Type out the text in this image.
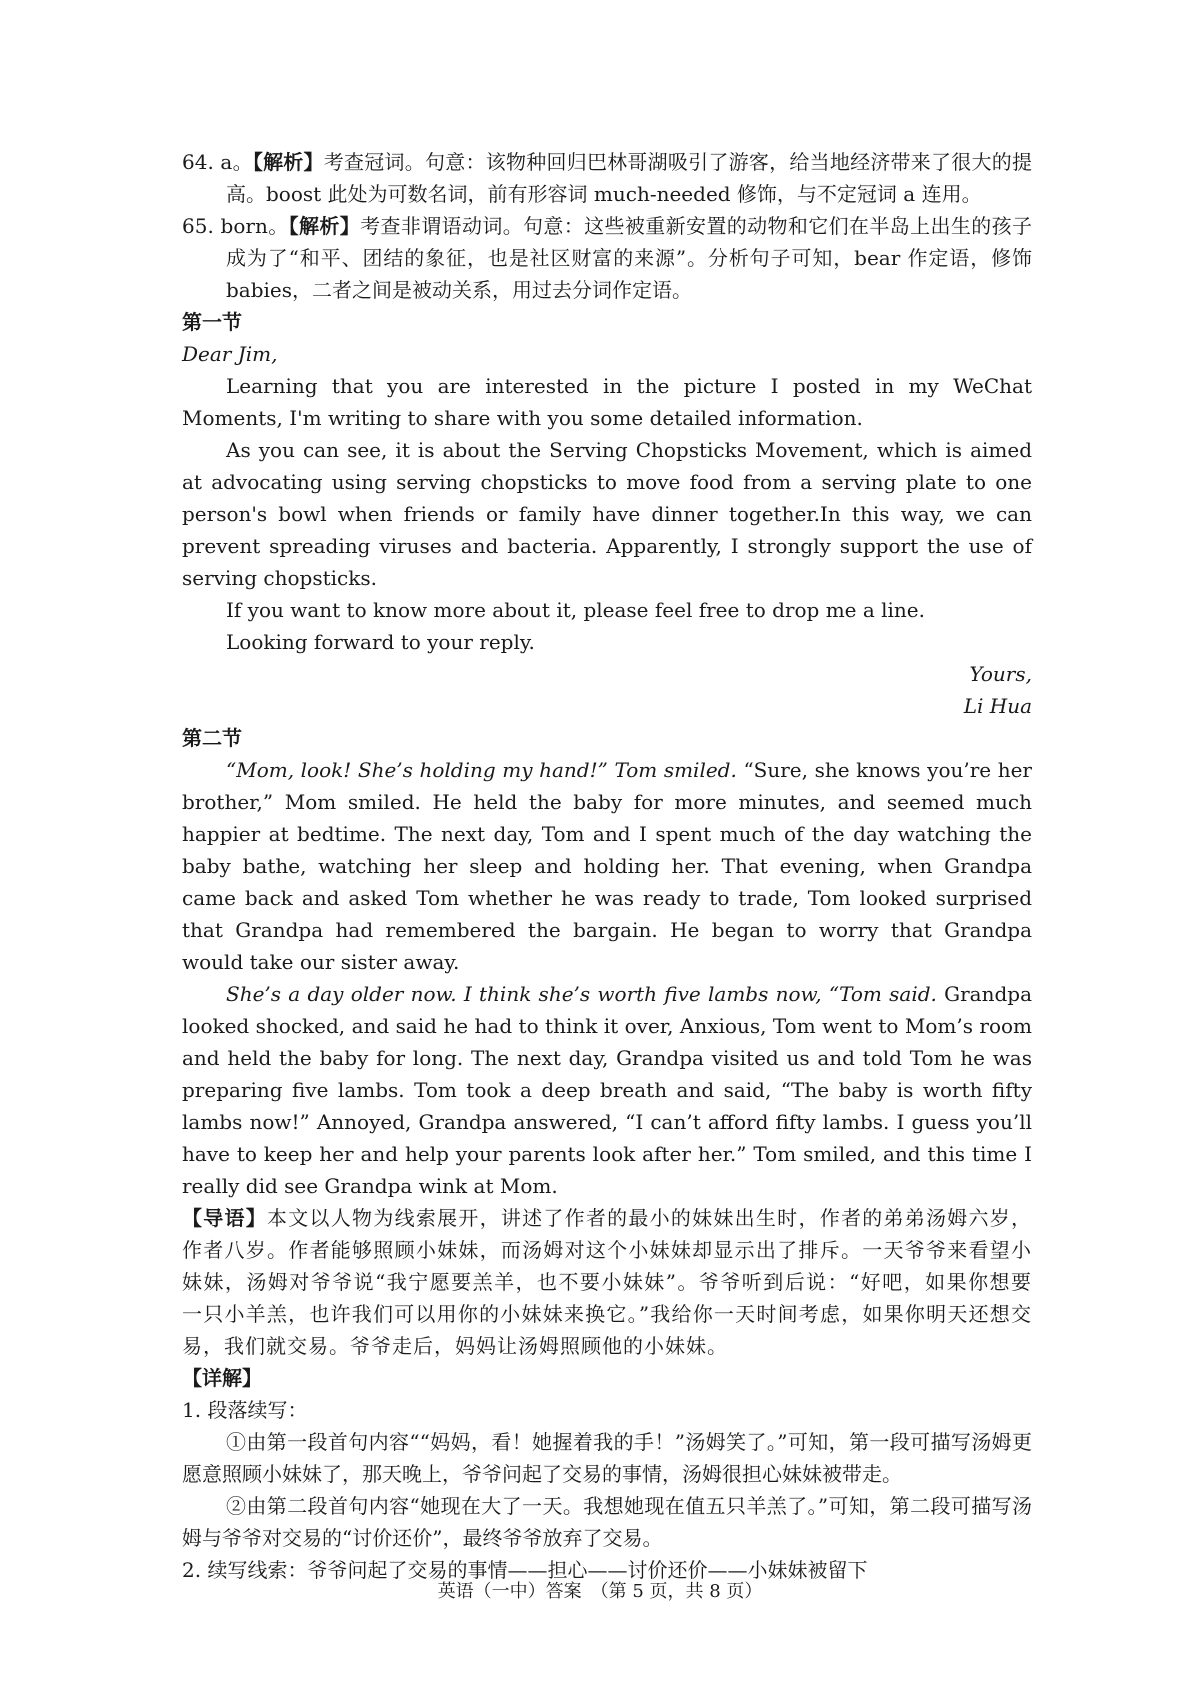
64. a。【解析】考查冠词。句意：该物种回归巴林哥湖吸引了游客，给当地经济带来了很大的提高。boost 此处为可数名词，前有形容词 much-needed 修饰，与不定冠词 a 连用。

65. born。【解析】考查非谓语动词。句意：这些被重新安置的动物和它们在半岛上出生的孩子成为了“和平、团结的象征，也是社区财富的来源”。分析句子可知，bear 作定语，修饰 babies，二者之间是被动关系，用过去分词作定语。

第一节

Dear Jim,

Learning that you are interested in the picture I posted in my WeChat Moments, I'm writing to share with you some detailed information.

As you can see, it is about the Serving Chopsticks Movement, which is aimed at advocating using serving chopsticks to move food from a serving plate to one person's bowl when friends or family have dinner together.In this way, we can prevent spreading viruses and bacteria. Apparently, I strongly support the use of serving chopsticks.

If you want to know more about it, please feel free to drop me a line.

Looking forward to your reply.

Yours,

Li Hua

第二节

“Mom, look! She’s holding my hand!” Tom smiled. “Sure, she knows you’re her brother,” Mom smiled. He held the baby for more minutes, and seemed much happier at bedtime. The next day, Tom and I spent much of the day watching the baby bathe, watching her sleep and holding her. That evening, when Grandpa came back and asked Tom whether he was ready to trade, Tom looked surprised that Grandpa had remembered the bargain. He began to worry that Grandpa would take our sister away.

She’s a day older now. I think she’s worth five lambs now, “Tom said. Grandpa looked shocked, and said he had to think it over, Anxious, Tom went to Mom’s room and held the baby for long. The next day, Grandpa visited us and told Tom he was preparing five lambs. Tom took a deep breath and said, “The baby is worth fifty lambs now!” Annoyed, Grandpa answered, “I can’t afford fifty lambs. I guess you’ll have to keep her and help your parents look after her.” Tom smiled, and this time I really did see Grandpa wink at Mom.

【导语】本文以人物为线索展开，讲述了作者的最小的妹妹出生时，作者的弟弟汤姆六岁，作者八岁。作者能够照顾小妹妹，而汤姆对这个小妹妹却显示出了排斥。一天爷爷来看望小妹妹，汤姆对爷爷说“我宁愿要羔羊，也不要小妹妹”。爷爷听到后说：“好吧，如果你想要一只小羊羔，也许我们可以用你的小妹妹来换它。”我给你一天时间考虑，如果你明天还想交易，我们就交易。爷爷走后，妈妈让汤姆照顾他的小妹妹。

【详解】

1. 段落续写：

①由第一段首句内容““妈妈，看！她握着我的手！”汤姆笑了。”可知，第一段可描写汤姆更愿意照顾小妹妹了，那天晚上，爷爷问起了交易的事情，汤姆很担心妹妹被带走。

②由第二段首句内容“她现在大了一天。我想她现在值五只羊羔了。”可知，第二段可描写汤姆与爷爷对交易的“讨价还价”，最终爷爷放弃了交易。

2. 续写线索：爷爷问起了交易的事情——担心——讨价还价——小妹妹被留下

英语（一中）答案　（第 5 页，共 8 页）
